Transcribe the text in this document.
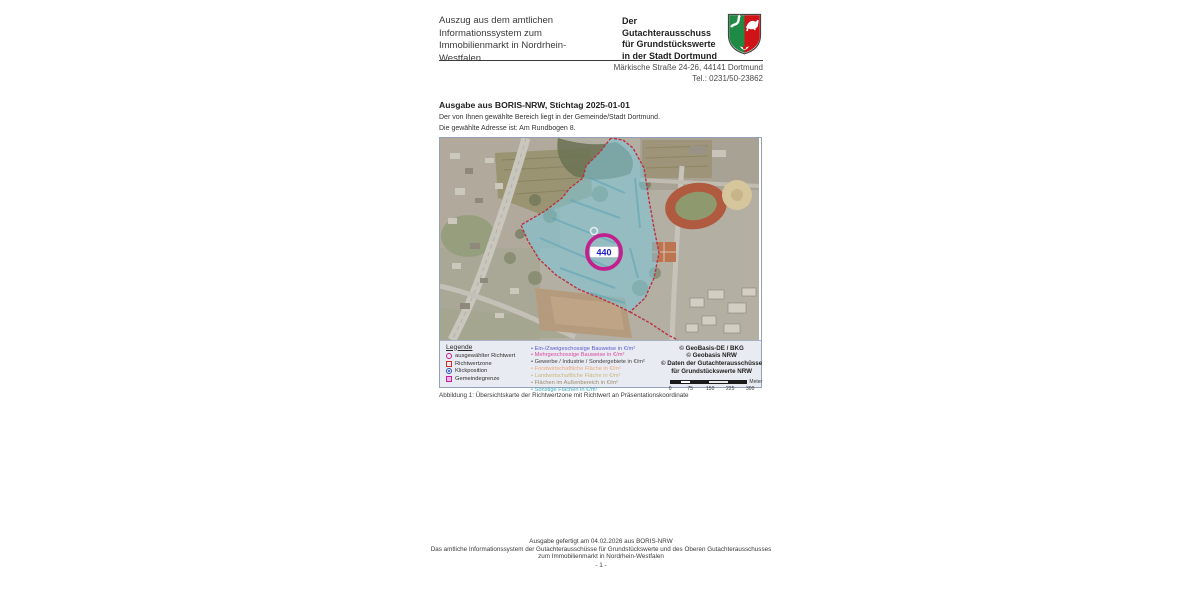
Auszug aus dem amtlichen Informationssystem zum Immobilienmarkt in Nordrhein-Westfalen
Der Gutachterausschuss
für Grundstückswerte
in der Stadt Dortmund
Märkische Straße 24-26, 44141 Dortmund
Tel.: 0231/50-23862
Ausgabe aus BORIS-NRW, Stichtag 2025-01-01

Der von Ihnen gewählte Bereich liegt in der Gemeinde/Stadt Dortmund.

Die gewählte Adresse ist: Am Rundbogen 8.

440
Legende
ausgewählter Richtwert
Richtwertzone
Klickposition
Gemeindegrenze
• Ein-/Zweigeschossige Bauweise in €/m²
• Mehrgeschossige Bauweise in €/m²
• Gewerbe / Industrie / Sondergebiete in €/m²
• Forstwirtschaftliche Fläche in €/m²
• Landwirtschaftliche Fläche in €/m²
• Flächen im Außenbereich in €/m²
• Sonstige Flächen in €/m²
© GeoBasis-DE / BKG
© Geobasis NRW
© Daten der Gutachterausschüsse
für Grundstückswerte NRW
Meter
0	75	150 225 300
Abbildung 1: Übersichtskarte der Richtwertzone mit Richtwert an Präsentationskoordinate
Ausgabe gefertigt am 04.02.2026 aus BORIS-NRW
Das amtliche Informationssystem der Gutachterausschüsse für Grundstückswerte und des Oberen Gutachterausschusses
zum Immobilienmarkt in Nordrhein-Westfalen
- 1 -
